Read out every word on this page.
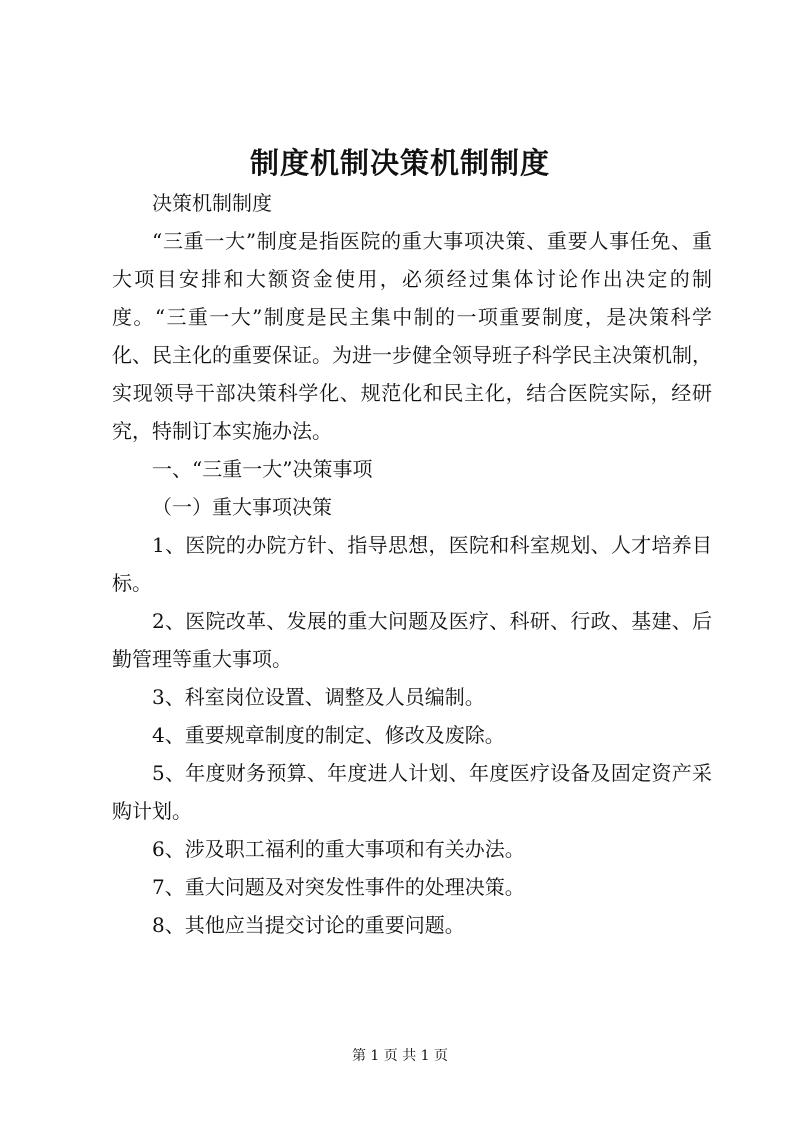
制度机制决策机制制度

决策机制制度

“三重一大”制度是指医院的重大事项决策、重要人事任免、重大项目安排和大额资金使用，必须经过集体讨论作出决定的制度。“三重一大”制度是民主集中制的一项重要制度，是决策科学化、民主化的重要保证。为进一步健全领导班子科学民主决策机制，实现领导干部决策科学化、规范化和民主化，结合医院实际，经研究，特制订本实施办法。

一、“三重一大”决策事项

（一）重大事项决策

1、医院的办院方针、指导思想，医院和科室规划、人才培养目标。

2、医院改革、发展的重大问题及医疗、科研、行政、基建、后勤管理等重大事项。

3、科室岗位设置、调整及人员编制。

4、重要规章制度的制定、修改及废除。

5、年度财务预算、年度进人计划、年度医疗设备及固定资产采购计划。

6、涉及职工福利的重大事项和有关办法。

7、重大问题及对突发性事件的处理决策。

8、其他应当提交讨论的重要问题。

第 1 页 共 1 页
